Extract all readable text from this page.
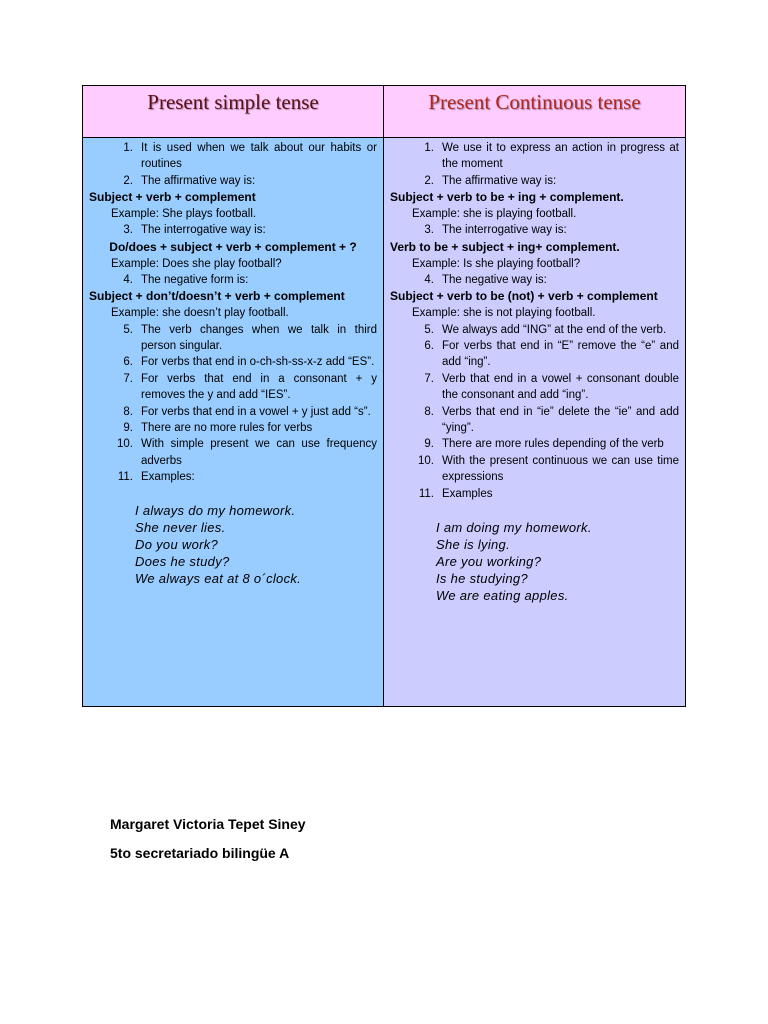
Present simple tense	Present Continuous tense
1. It is used when we talk about our habits or routines
2. The affirmative way is:
Subject + verb + complement
Example: She plays football.
3. The interrogative way is:
Do/does + subject + verb + complement + ?
Example: Does she play football?
4. The negative form is:
Subject + don’t/doesn’t + verb + complement
Example: she doesn’t play football.
5. The verb changes when we talk in third person singular.
6. For verbs that end in o-ch-sh-ss-x-z add “ES”.
7. For verbs that end in a consonant + y removes the y and add “IES”.
8. For verbs that end in a vowel + y just add “s”.
9. There are no more rules for verbs
10. With simple present we can use frequency adverbs
11. Examples:
I always do my homework.
She never lies.
Do you work?
Does he study?
We always eat at 8 o´clock.
1. We use it to express an action in progress at the moment
2. The affirmative way is:
Subject + verb to be + ing + complement.
Example: she is playing football.
3. The interrogative way is:
Verb to be + subject + ing+ complement.
Example: Is she playing football?
4. The negative way is:
Subject + verb to be (not) + verb + complement
Example: she is not playing football.
5. We always add “ING” at the end of the verb.
6. For verbs that end in “E” remove the “e” and add “ing”.
7. Verb that end in a vowel + consonant double the consonant and add “ing”.
8. Verbs that end in “ie” delete the “ie” and add “ying”.
9. There are more rules depending of the verb
10. With the present continuous we can use time expressions
11. Examples
I am doing my homework.
She is lying.
Are you working?
Is he studying?
We are eating apples.
Margaret Victoria Tepet Siney
5to secretariado bilingüe A
